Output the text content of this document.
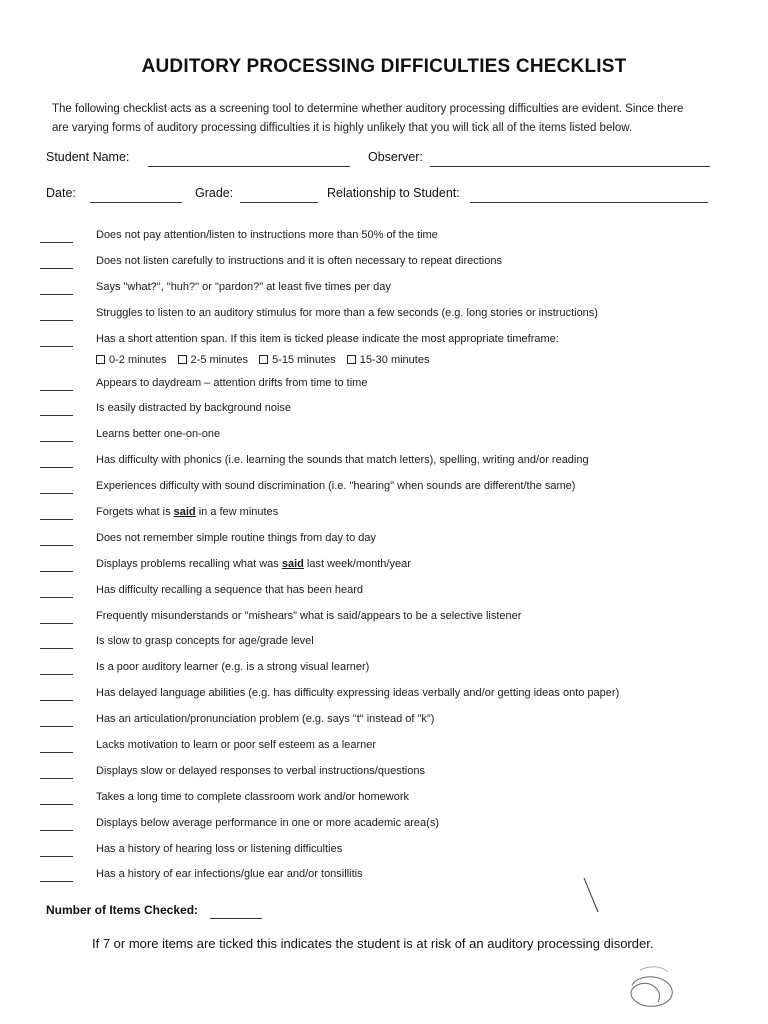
AUDITORY PROCESSING DIFFICULTIES CHECKLIST
The following checklist acts as a screening tool to determine whether auditory processing difficulties are evident. Since there are varying forms of auditory processing difficulties it is highly unlikely that you will tick all of the items listed below.
Student Name:	Observer:
Date:	Grade:	Relationship to Student:
Does not pay attention/listen to instructions more than 50% of the time
Does not listen carefully to instructions and it is often necessary to repeat directions
Says "what?", "huh?" or "pardon?" at least five times per day
Struggles to listen to an auditory stimulus for more than a few seconds (e.g. long stories or instructions)
Has a short attention span. If this item is ticked please indicate the most appropriate timeframe:
0-2 minutes 2-5 minutes 5-15 minutes 15-30 minutes
Appears to daydream – attention drifts from time to time
Is easily distracted by background noise
Learns better one-on-one
Has difficulty with phonics (i.e. learning the sounds that match letters), spelling, writing and/or reading
Experiences difficulty with sound discrimination (i.e. "hearing" when sounds are different/the same)
Forgets what is said in a few minutes
Does not remember simple routine things from day to day
Displays problems recalling what was said last week/month/year
Has difficulty recalling a sequence that has been heard
Frequently misunderstands or "mishears" what is said/appears to be a selective listener
Is slow to grasp concepts for age/grade level
Is a poor auditory learner (e.g. is a strong visual learner)
Has delayed language abilities (e.g. has difficulty expressing ideas verbally and/or getting ideas onto paper)
Has an articulation/pronunciation problem (e.g. says "t" instead of "k")
Lacks motivation to learn or poor self esteem as a learner
Displays slow or delayed responses to verbal instructions/questions
Takes a long time to complete classroom work and/or homework
Displays below average performance in one or more academic area(s)
Has a history of hearing loss or listening difficulties
Has a history of ear infections/glue ear and/or tonsillitis
Number of Items Checked:
If 7 or more items are ticked this indicates the student is at risk of an auditory processing disorder.
